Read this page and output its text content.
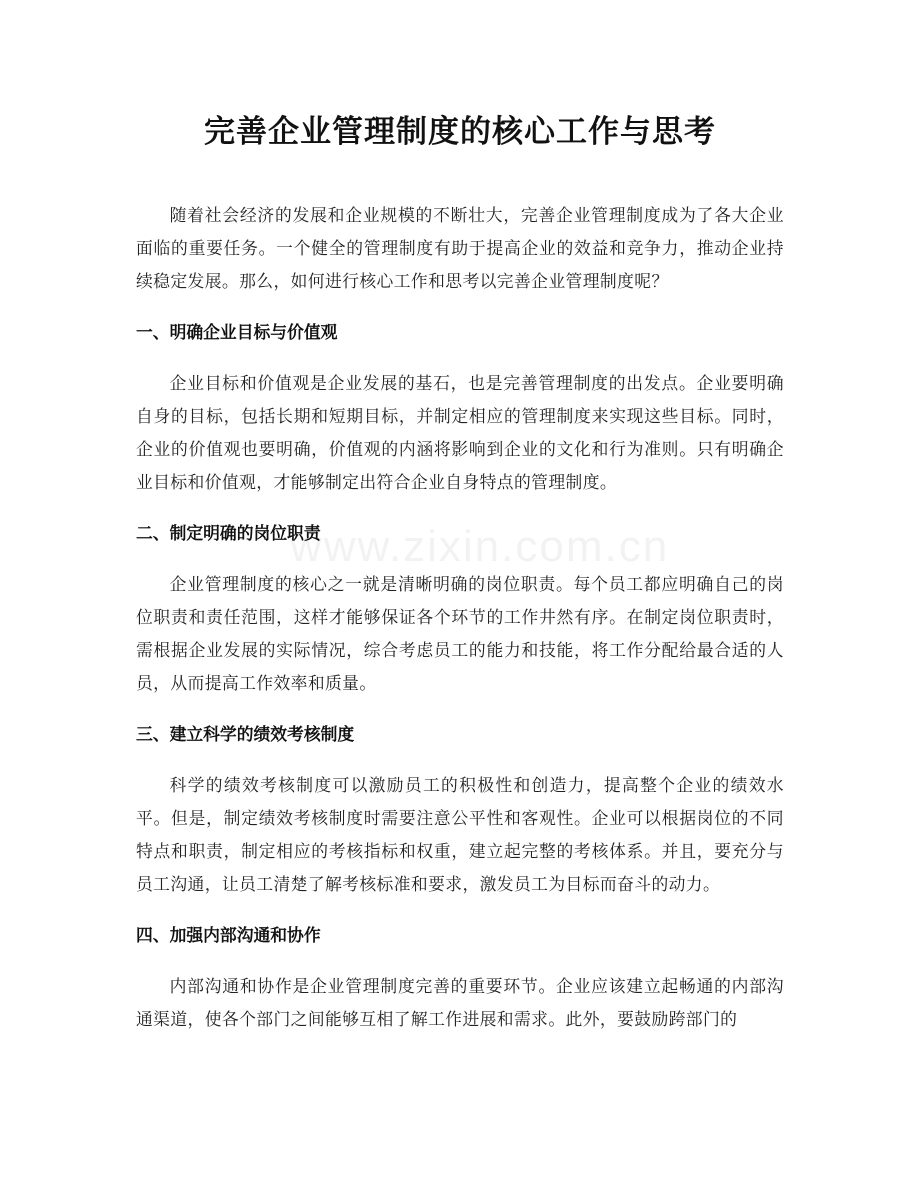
完善企业管理制度的核心工作与思考

随着社会经济的发展和企业规模的不断壮大，完善企业管理制度成为了各大企业面临的重要任务。一个健全的管理制度有助于提高企业的效益和竞争力，推动企业持续稳定发展。那么，如何进行核心工作和思考以完善企业管理制度呢？

一、明确企业目标与价值观

企业目标和价值观是企业发展的基石，也是完善管理制度的出发点。企业要明确自身的目标，包括长期和短期目标，并制定相应的管理制度来实现这些目标。同时，企业的价值观也要明确，价值观的内涵将影响到企业的文化和行为准则。只有明确企业目标和价值观，才能够制定出符合企业自身特点的管理制度。

二、制定明确的岗位职责

企业管理制度的核心之一就是清晰明确的岗位职责。每个员工都应明确自己的岗位职责和责任范围，这样才能够保证各个环节的工作井然有序。在制定岗位职责时，需根据企业发展的实际情况，综合考虑员工的能力和技能，将工作分配给最合适的人员，从而提高工作效率和质量。

三、建立科学的绩效考核制度

科学的绩效考核制度可以激励员工的积极性和创造力，提高整个企业的绩效水平。但是，制定绩效考核制度时需要注意公平性和客观性。企业可以根据岗位的不同特点和职责，制定相应的考核指标和权重，建立起完整的考核体系。并且，要充分与员工沟通，让员工清楚了解考核标准和要求，激发员工为目标而奋斗的动力。

四、加强内部沟通和协作

内部沟通和协作是企业管理制度完善的重要环节。企业应该建立起畅通的内部沟通渠道，使各个部门之间能够互相了解工作进展和需求。此外，要鼓励跨部门的

www.zixin.com.cn
